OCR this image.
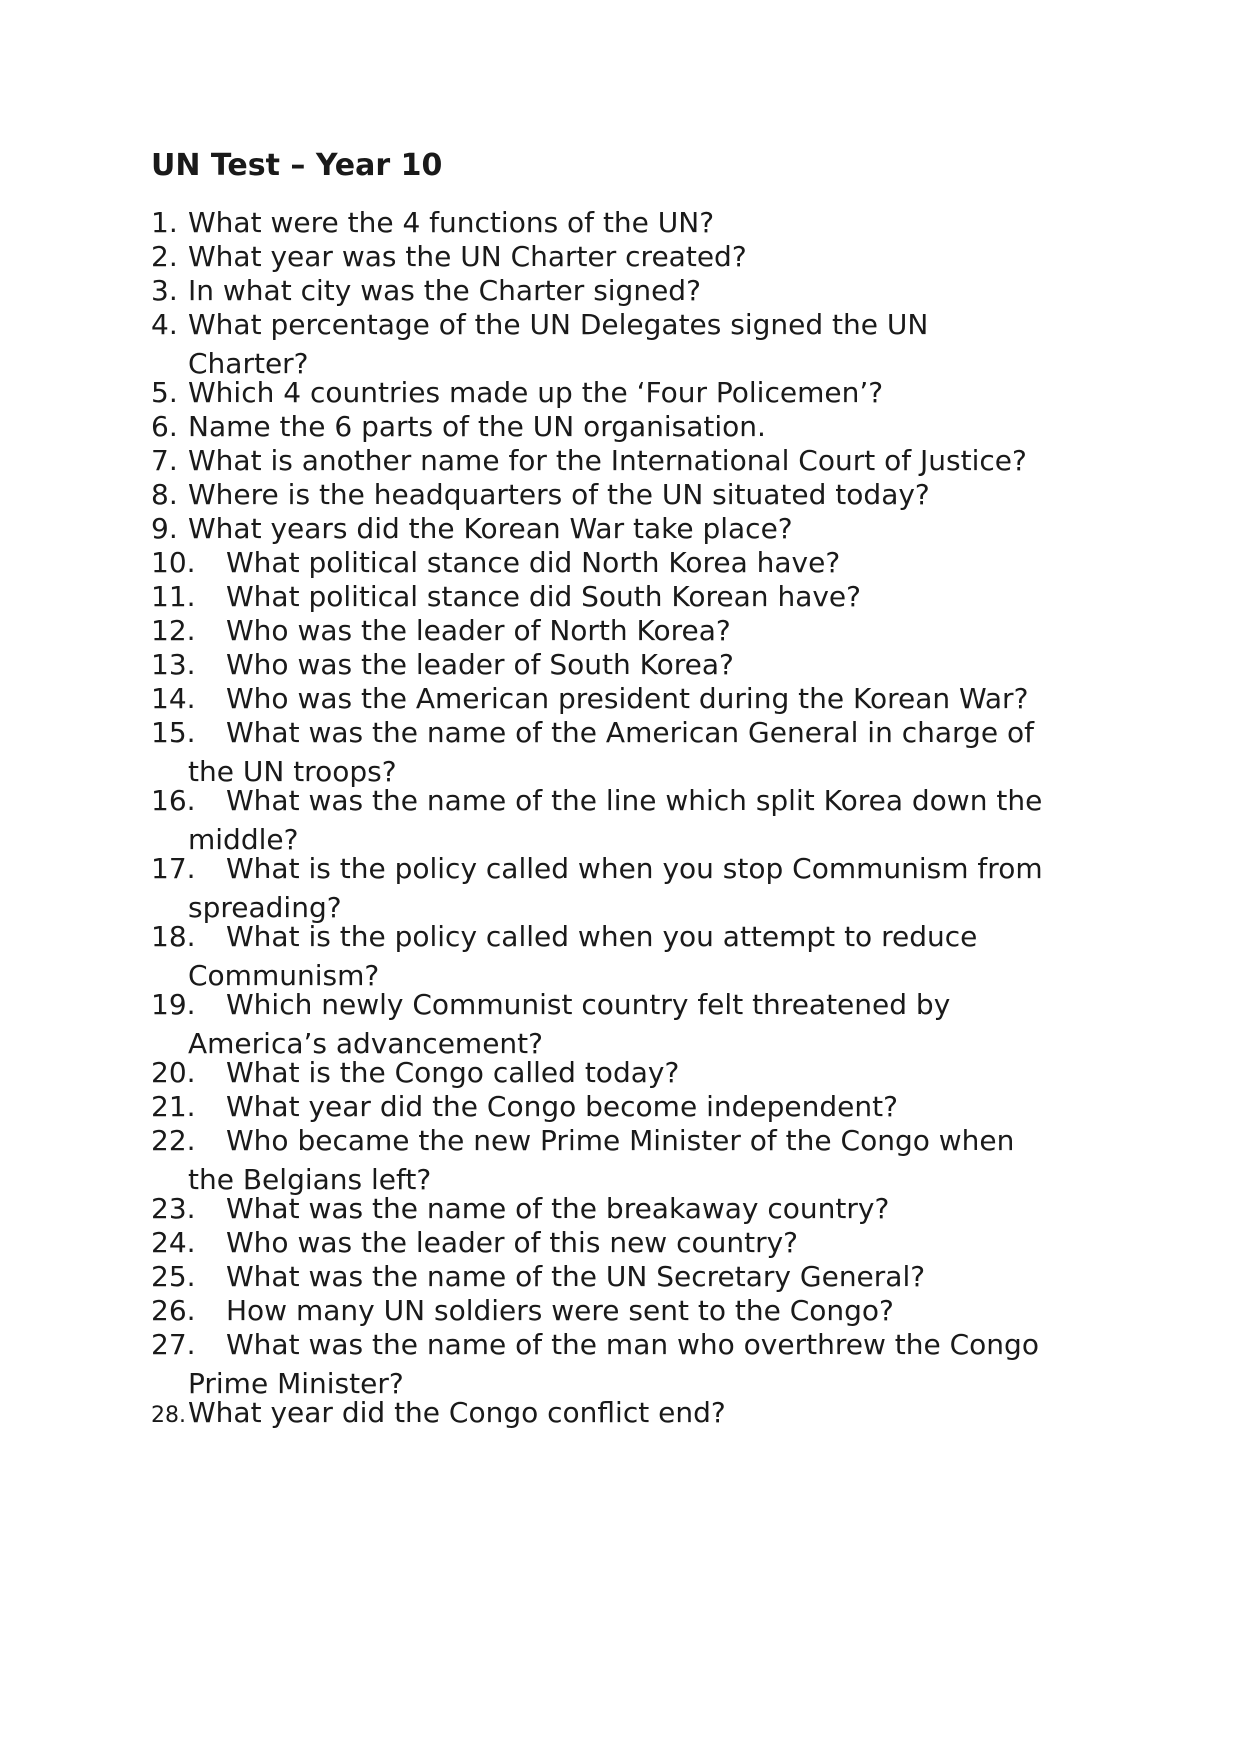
UN Test – Year 10
1. What were the 4 functions of the UN?
2. What year was the UN Charter created?
3. In what city was the Charter signed?
4. What percentage of the UN Delegates signed the UN
Charter?
5. Which 4 countries made up the ‘Four Policemen’?
6. Name the 6 parts of the UN organisation.
7. What is another name for the International Court of Justice?
8. Where is the headquarters of the UN situated today?
9. What years did the Korean War take place?
10. What political stance did North Korea have?
11. What political stance did South Korean have?
12. Who was the leader of North Korea?
13. Who was the leader of South Korea?
14. Who was the American president during the Korean War?
15. What was the name of the American General in charge of
the UN troops?
16. What was the name of the line which split Korea down the
middle?
17. What is the policy called when you stop Communism from
spreading?
18. What is the policy called when you attempt to reduce
Communism?
19. Which newly Communist country felt threatened by
America’s advancement?
20. What is the Congo called today?
21. What year did the Congo become independent?
22. Who became the new Prime Minister of the Congo when
the Belgians left?
23. What was the name of the breakaway country?
24. Who was the leader of this new country?
25. What was the name of the UN Secretary General?
26. How many UN soldiers were sent to the Congo?
27. What was the name of the man who overthrew the Congo
Prime Minister?
28.What year did the Congo conflict end?
